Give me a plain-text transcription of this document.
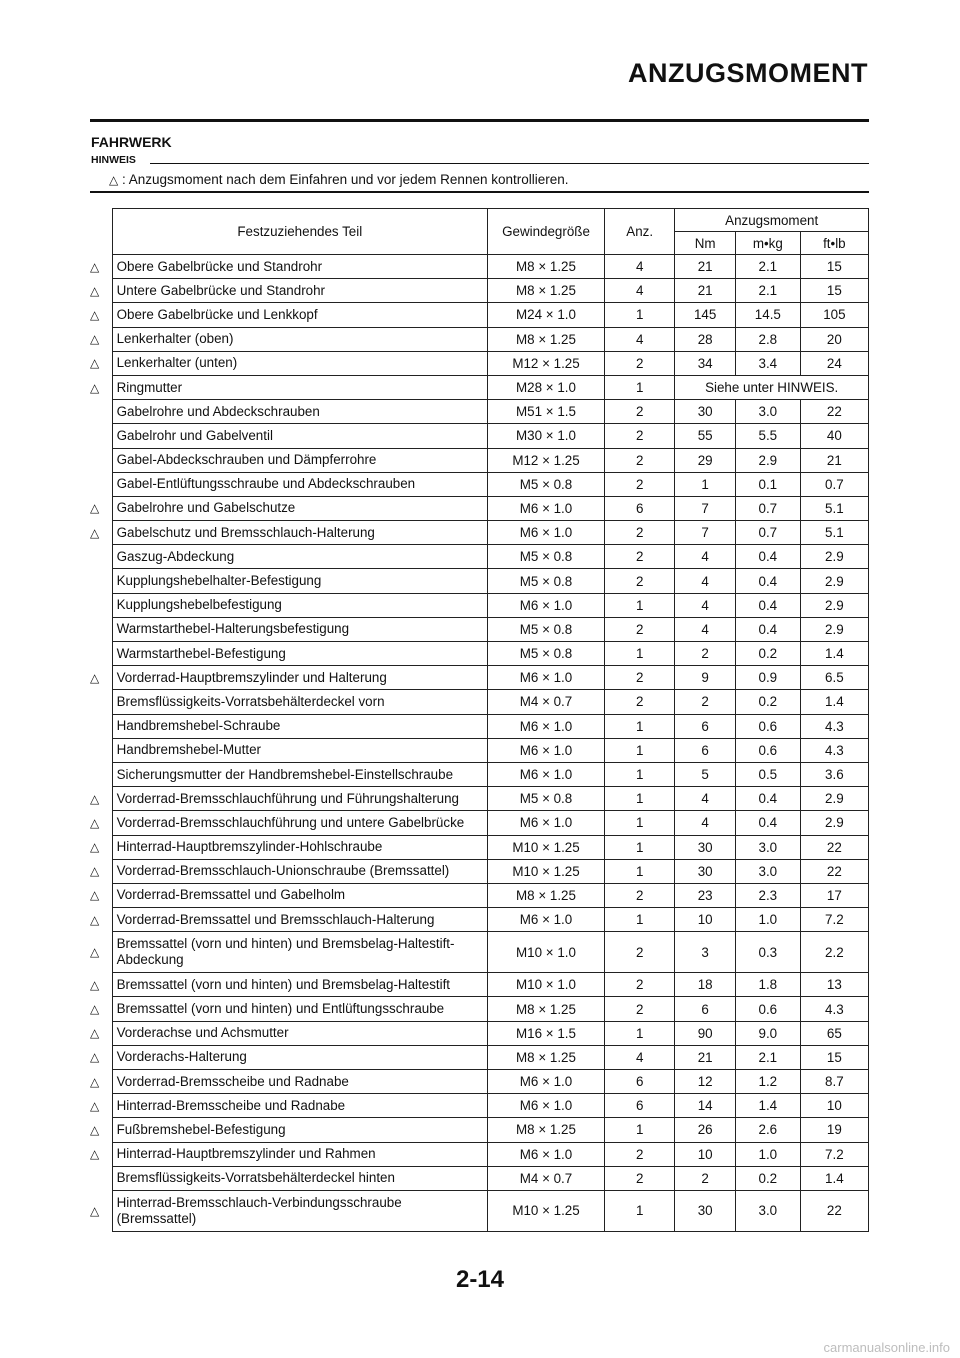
ANZUGSMOMENT
FAHRWERK
HINWEIS
△ : Anzugsmoment nach dem Einfahren und vor jedem Rennen kontrollieren.
	Festzuziehendes Teil	Gewindegröße	Anz.	Anzugsmoment		
				Nm	m•kg	ft•lb
△	Obere Gabelbrücke und Standrohr	M8 × 1.25	4	21	2.1	15
△	Untere Gabelbrücke und Standrohr	M8 × 1.25	4	21	2.1	15
△	Obere Gabelbrücke und Lenkkopf	M24 × 1.0	1	145	14.5	105
△	Lenkerhalter (oben)	M8 × 1.25	4	28	2.8	20
△	Lenkerhalter (unten)	M12 × 1.25	2	34	3.4	24
△	Ringmutter	M28 × 1.0	1	Siehe unter HINWEIS.		
	Gabelrohre und Abdeckschrauben	M51 × 1.5	2	30	3.0	22
	Gabelrohr und Gabelventil	M30 × 1.0	2	55	5.5	40
	Gabel-Abdeckschrauben und Dämpferrohre	M12 × 1.25	2	29	2.9	21
	Gabel-Entlüftungsschraube und Abdeckschrauben	M5 × 0.8	2	1	0.1	0.7
△	Gabelrohre und Gabelschutze	M6 × 1.0	6	7	0.7	5.1
△	Gabelschutz und Bremsschlauch-Halterung	M6 × 1.0	2	7	0.7	5.1
	Gaszug-Abdeckung	M5 × 0.8	2	4	0.4	2.9
	Kupplungshebelhalter-Befestigung	M5 × 0.8	2	4	0.4	2.9
	Kupplungshebelbefestigung	M6 × 1.0	1	4	0.4	2.9
	Warmstarthebel-Halterungsbefestigung	M5 × 0.8	2	4	0.4	2.9
	Warmstarthebel-Befestigung	M5 × 0.8	1	2	0.2	1.4
△	Vorderrad-Hauptbremszylinder und Halterung	M6 × 1.0	2	9	0.9	6.5
	Bremsflüssigkeits-Vorratsbehälterdeckel vorn	M4 × 0.7	2	2	0.2	1.4
	Handbremshebel-Schraube	M6 × 1.0	1	6	0.6	4.3
	Handbremshebel-Mutter	M6 × 1.0	1	6	0.6	4.3
	Sicherungsmutter der Handbremshebel-Einstellschraube	M6 × 1.0	1	5	0.5	3.6
△	Vorderrad-Bremsschlauchführung und Führungshalterung	M5 × 0.8	1	4	0.4	2.9
△	Vorderrad-Bremsschlauchführung und untere Gabelbrücke	M6 × 1.0	1	4	0.4	2.9
△	Hinterrad-Hauptbremszylinder-Hohlschraube	M10 × 1.25	1	30	3.0	22
△	Vorderrad-Bremsschlauch-Unionschraube (Bremssattel)	M10 × 1.25	1	30	3.0	22
△	Vorderrad-Bremssattel und Gabelholm	M8 × 1.25	2	23	2.3	17
△	Vorderrad-Bremssattel und Bremsschlauch-Halterung	M6 × 1.0	1	10	1.0	7.2
△	Bremssattel (vorn und hinten) und Bremsbelag-Haltestift-
Abdeckung	M10 × 1.0	2	3	0.3	2.2
△	Bremssattel (vorn und hinten) und Bremsbelag-Haltestift	M10 × 1.0	2	18	1.8	13
△	Bremssattel (vorn und hinten) und Entlüftungsschraube	M8 × 1.25	2	6	0.6	4.3
△	Vorderachse und Achsmutter	M16 × 1.5	1	90	9.0	65
△	Vorderachs-Halterung	M8 × 1.25	4	21	2.1	15
△	Vorderrad-Bremsscheibe und Radnabe	M6 × 1.0	6	12	1.2	8.7
△	Hinterrad-Bremsscheibe und Radnabe	M6 × 1.0	6	14	1.4	10
△	Fußbremshebel-Befestigung	M8 × 1.25	1	26	2.6	19
△	Hinterrad-Hauptbremszylinder und Rahmen	M6 × 1.0	2	10	1.0	7.2
	Bremsflüssigkeits-Vorratsbehälterdeckel hinten	M4 × 0.7	2	2	0.2	1.4
△	Hinterrad-Bremsschlauch-Verbindungsschraube
(Bremssattel)	M10 × 1.25	1	30	3.0	22
2-14
carmanualsonline.info
